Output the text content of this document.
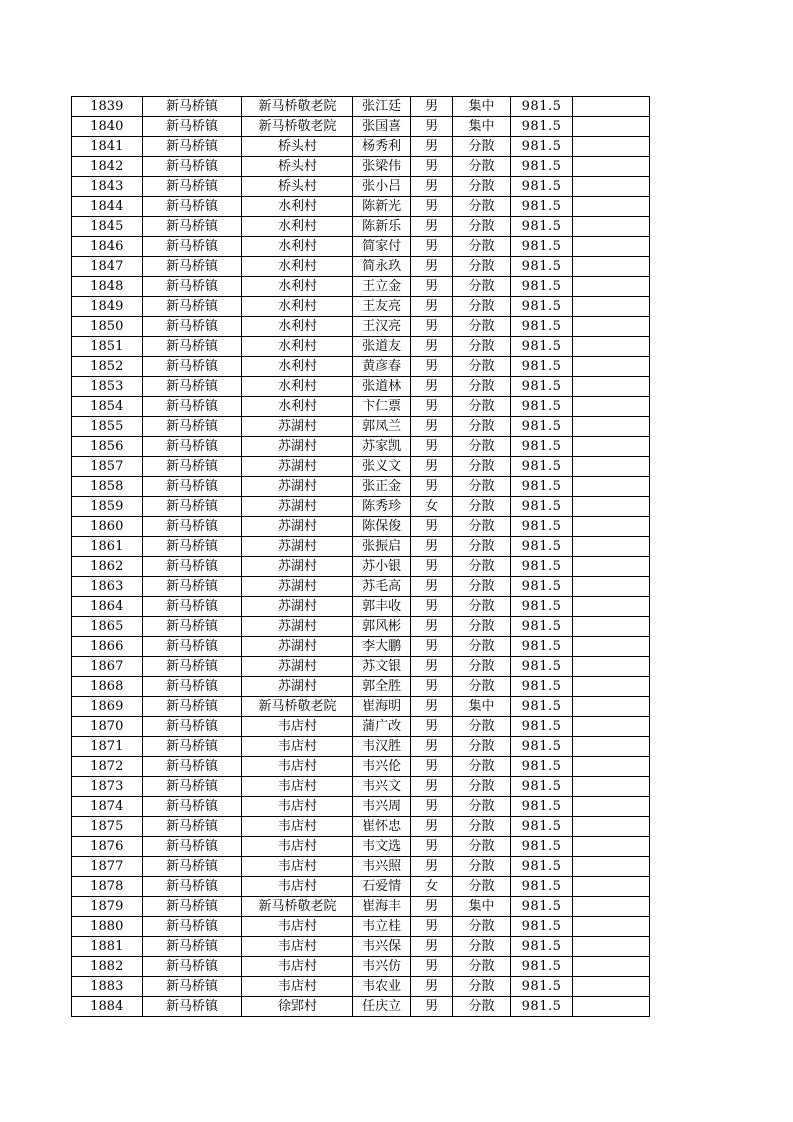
1839	新马桥镇	新马桥敬老院	张江廷	男	集中	981.5	
1840	新马桥镇	新马桥敬老院	张国喜	男	集中	981.5	
1841	新马桥镇	桥头村	杨秀利	男	分散	981.5	
1842	新马桥镇	桥头村	张梁伟	男	分散	981.5	
1843	新马桥镇	桥头村	张小吕	男	分散	981.5	
1844	新马桥镇	水利村	陈新光	男	分散	981.5	
1845	新马桥镇	水利村	陈新乐	男	分散	981.5	
1846	新马桥镇	水利村	简家付	男	分散	981.5	
1847	新马桥镇	水利村	简永玖	男	分散	981.5	
1848	新马桥镇	水利村	王立金	男	分散	981.5	
1849	新马桥镇	水利村	王友亮	男	分散	981.5	
1850	新马桥镇	水利村	王汉亮	男	分散	981.5	
1851	新马桥镇	水利村	张道友	男	分散	981.5	
1852	新马桥镇	水利村	黄彦春	男	分散	981.5	
1853	新马桥镇	水利村	张道林	男	分散	981.5	
1854	新马桥镇	水利村	卞仁票	男	分散	981.5	
1855	新马桥镇	苏湖村	郭凤兰	男	分散	981.5	
1856	新马桥镇	苏湖村	苏家凯	男	分散	981.5	
1857	新马桥镇	苏湖村	张义文	男	分散	981.5	
1858	新马桥镇	苏湖村	张正金	男	分散	981.5	
1859	新马桥镇	苏湖村	陈秀珍	女	分散	981.5	
1860	新马桥镇	苏湖村	陈保俊	男	分散	981.5	
1861	新马桥镇	苏湖村	张振启	男	分散	981.5	
1862	新马桥镇	苏湖村	苏小银	男	分散	981.5	
1863	新马桥镇	苏湖村	苏毛高	男	分散	981.5	
1864	新马桥镇	苏湖村	郭丰收	男	分散	981.5	
1865	新马桥镇	苏湖村	郭风彬	男	分散	981.5	
1866	新马桥镇	苏湖村	李大鹏	男	分散	981.5	
1867	新马桥镇	苏湖村	苏文银	男	分散	981.5	
1868	新马桥镇	苏湖村	郭全胜	男	分散	981.5	
1869	新马桥镇	新马桥敬老院	崔海明	男	集中	981.5	
1870	新马桥镇	韦店村	蒲广改	男	分散	981.5	
1871	新马桥镇	韦店村	韦汉胜	男	分散	981.5	
1872	新马桥镇	韦店村	韦兴伦	男	分散	981.5	
1873	新马桥镇	韦店村	韦兴文	男	分散	981.5	
1874	新马桥镇	韦店村	韦兴周	男	分散	981.5	
1875	新马桥镇	韦店村	崔怀忠	男	分散	981.5	
1876	新马桥镇	韦店村	韦文选	男	分散	981.5	
1877	新马桥镇	韦店村	韦兴照	男	分散	981.5	
1878	新马桥镇	韦店村	石爱情	女	分散	981.5	
1879	新马桥镇	新马桥敬老院	崔海丰	男	集中	981.5	
1880	新马桥镇	韦店村	韦立桂	男	分散	981.5	
1881	新马桥镇	韦店村	韦兴保	男	分散	981.5	
1882	新马桥镇	韦店村	韦兴仿	男	分散	981.5	
1883	新马桥镇	韦店村	韦农业	男	分散	981.5	
1884	新马桥镇	徐郢村	任庆立	男	分散	981.5	
